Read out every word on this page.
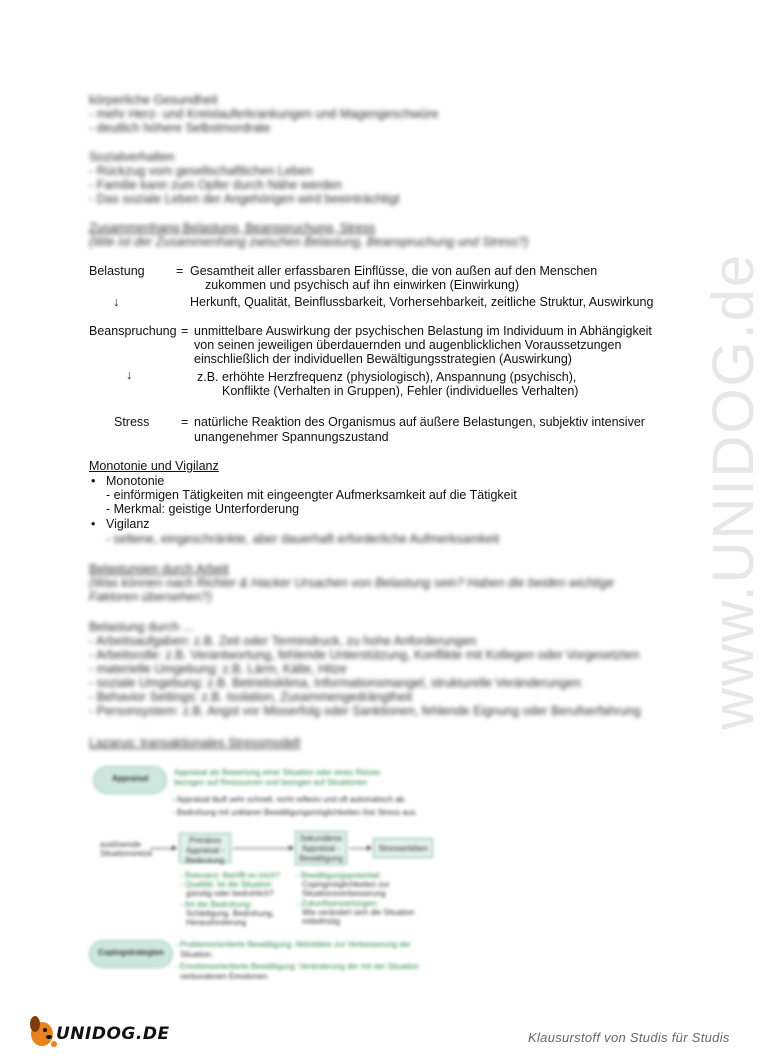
www.UNIDOG.de
körperliche Gesundheit
- mehr Herz- und Kreislauferkrankungen und Magengeschwüre
- deutlich höhere Selbstmordrate
Sozialverhalten
- Rückzug vom gesellschaftlichen Leben
- Familie kann zum Opfer durch Nähe werden
- Das soziale Leben der Angehörigen wird beeinträchtigt
Zusammenhang Belastung, Beanspruchung, Stress
(Wie ist der Zusammenhang zwischen Belastung, Beanspruchung und Stress?)
Belastung	= Gesamtheit aller erfassbaren Einflüsse, die von außen auf den Menschen
zukommen und psychisch auf ihn einwirken (Einwirkung)
↓	Herkunft, Qualität, Beinflussbarkeit, Vorhersehbarkeit, zeitliche Struktur, Auswirkung
Beanspruchung = unmittelbare Auswirkung der psychischen Belastung im Individuum in Abhängigkeit
von seinen jeweiligen überdauernden und augenblicklichen Voraussetzungen
einschließlich der individuellen Bewältigungsstrategien (Auswirkung)
↓	z.B. erhöhte Herzfrequenz (physiologisch), Anspannung (psychisch),
Konflikte (Verhalten in Gruppen), Fehler (individuelles Verhalten)
Stress	= natürliche Reaktion des Organismus auf äußere Belastungen, subjektiv intensiver
unangenehmer Spannungszustand
Monotonie und Vigilanz
• Monotonie
- einförmigen Tätigkeiten mit eingeengter Aufmerksamkeit auf die Tätigkeit
- Merkmal: geistige Unterforderung
• Vigilanz
- seltene, eingeschränkte, aber dauerhaft erforderliche Aufmerksamkeit
Belastungen durch Arbeit
(Was können nach Richter & Hacker Ursachen von Belastung sein? Haben die beiden wichtige
Faktoren übersehen?)
Belastung durch ...
- Arbeitsaufgaben: z.B. Zeit oder Termindruck, zu hohe Anforderungen
- Arbeitsrolle: z.B. Verantwortung, fehlende Unterstützung, Konflikte mit Kollegen oder Vorgesetzten
- materielle Umgebung: z.B. Lärm, Kälte, Hitze
- soziale Umgebung: z.B. Betriebsklima, Informationsmangel, strukturelle Veränderungen
- Behavior Settings: z.B. Isolation, Zusammengedrängtheit
- Personsystem: z.B. Angst vor Misserfolg oder Sanktionen, fehlende Eignung oder Berufserfahrung
Lazarus: transaktionales Stressmodell
Appraisal
Appraisal als Bewertung einer Situation oder eines Reizes
bezogen auf Ressourcen und bezogen auf Situationen
- Appraisal läuft sehr schnell, nicht reflexiv und oft automatisch ab.
- Bedrohung mit unklaren Bewältigungsmöglichkeiten löst Stress aus.
auslösende
Situationsreize
Primäres
Appraisal -
Bedeutung
Sekundäres
Appraisal -
Bewältigung
Stresserleben
- Relevanz: Betrifft es mich?
- Qualität: Ist die Situation
günstig oder bedrohlich?
- Art der Bedrohung:
Schädigung, Bedrohung,
Herausforderung
- Bewältigungspotential:
Copingmöglichkeiten zur
Situationsverbesserung
- Zukunftserwartungen:
Wie verändert sich die Situation
mittelfristig
Copingstrategien
- Problemorientierte Bewältigung: Aktivitäten zur Verbesserung der
Situation.
- Emotionsorientierte Bewältigung: Veränderung der mit der Situation
verbundenen Emotionen.
UNIDOG.DE	Klausurstoff von Studis für Studis
